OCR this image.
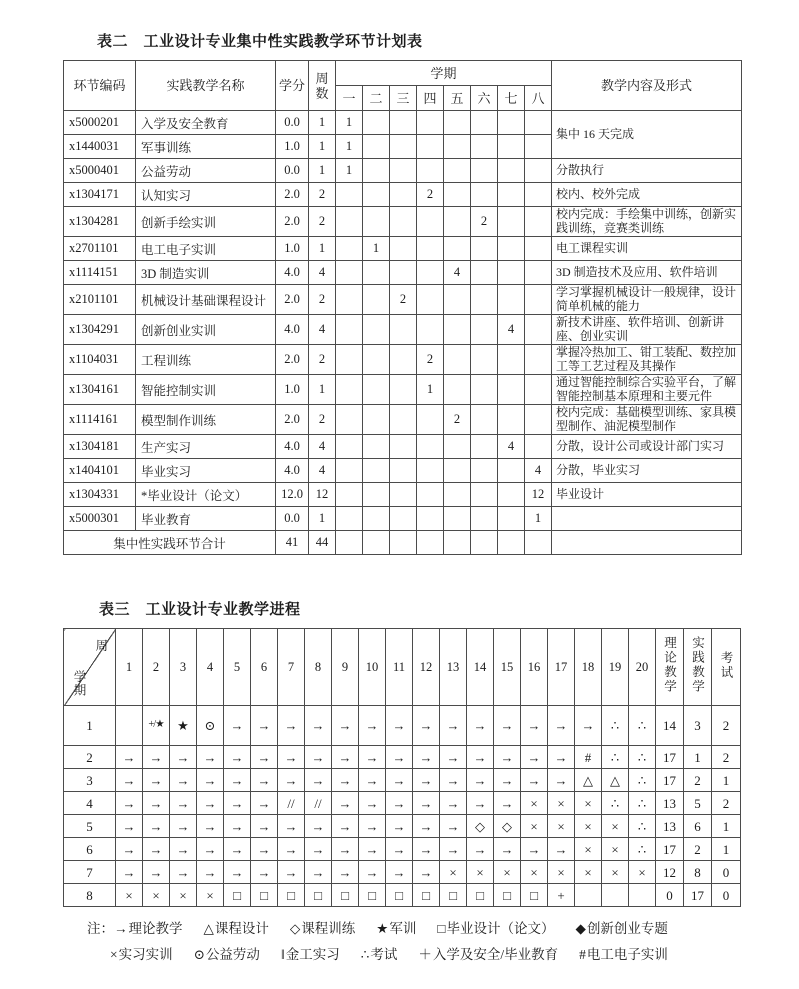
表二　工业设计专业集中性实践教学环节计划表
环节编码	实践教学名称	学分	周数	学期								教学内容及形式
				一	二	三	四	五	六	七	八	
x5000201	入学及安全教育	0.0	1	1								集中 16 天完成
x1440031	军事训练	1.0	1	1								
x5000401	公益劳动	0.0	1	1								分散执行
x1304171	认知实习	2.0	2				2					校内、校外完成
x1304281	创新手绘实训	2.0	2						2			校内完成：手绘集中训练，创新实践训练，竞赛类训练
x2701101	电工电子实训	1.0	1		1							电工课程实训
x1114151	3D 制造实训	4.0	4					4				3D 制造技术及应用、软件培训
x2101101	机械设计基础课程设计	2.0	2			2						学习掌握机械设计一般规律，设计简单机械的能力
x1304291	创新创业实训	4.0	4							4		新技术讲座、软件培训、创新讲座、创业实训
x1104031	工程训练	2.0	2				2					掌握冷热加工、钳工装配、数控加工等工艺过程及其操作
x1304161	智能控制实训	1.0	1				1					通过智能控制综合实验平台，了解智能控制基本原理和主要元件
x1114161	模型制作训练	2.0	2					2				校内完成：基础模型训练、家具模型制作、油泥模型制作
x1304181	生产实习	4.0	4							4		分散，设计公司或设计部门实习
x1404101	毕业实习	4.0	4								4	分散，毕业实习
x1304331	*毕业设计（论文）	12.0	12								12	毕业设计
x5000301	毕业教育	0.0	1								1	
集中性实践环节合计		41	44									
表三　工业设计专业教学进程
周
学期	1	2	3	4	5	6	7	8	9	10	11	12	13	14	15	16	17	18	19	20	理论教学	实践教学	考试
1		+/★	★	⊙	→	→	→	→	→	→	→	→	→	→	→	→	→	→	∴	∴	14	3	2
2	→	→	→	→	→	→	→	→	→	→	→	→	→	→	→	→	→	#	∴	∴	17	1	2
3	→	→	→	→	→	→	→	→	→	→	→	→	→	→	→	→	→	△	△	∴	17	2	1
4	→	→	→	→	→	→	//	//	→	→	→	→	→	→	→	×	×	×	∴	∴	13	5	2
5	→	→	→	→	→	→	→	→	→	→	→	→	→	◇	◇	×	×	×	×	∴	13	6	1
6	→	→	→	→	→	→	→	→	→	→	→	→	→	→	→	→	→	×	×	∴	17	2	1
7	→	→	→	→	→	→	→	→	→	→	→	→	×	×	×	×	×	×	×	×	12	8	0
8	×	×	×	×	□	□	□	□	□	□	□	□	□	□	□	□	+				0	17	0
注：→理论教学 △课程设计 ◇课程训练 ★军训 □毕业设计（论文） ◆创新创业专题
×实习实训 ⊙公益劳动 ‖金工实习 ∴考试 ＋入学及安全/毕业教育 #电工电子实训
